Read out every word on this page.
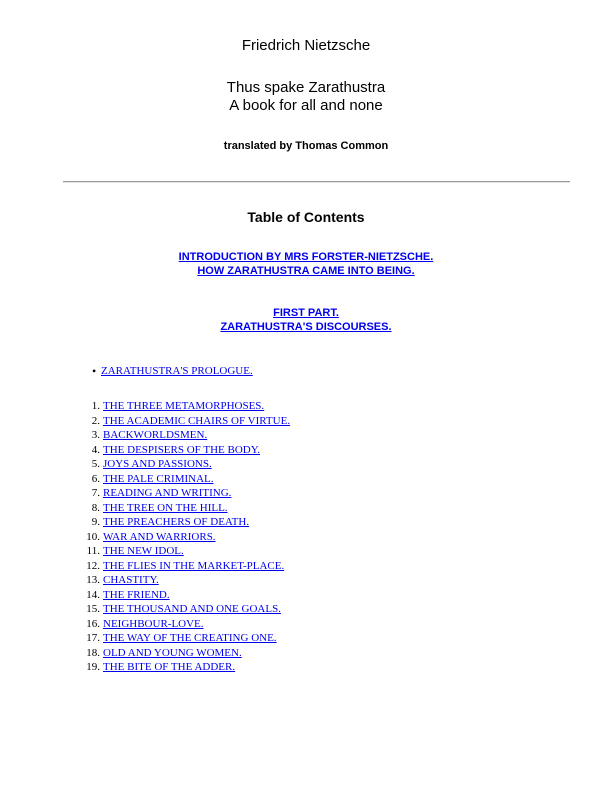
Friedrich Nietzsche
Thus spake Zarathustra
A book for all and none
translated by Thomas Common
Table of Contents
INTRODUCTION BY MRS FORSTER-NIETZSCHE.
HOW ZARATHUSTRA CAME INTO BEING.
FIRST PART.
ZARATHUSTRA'S DISCOURSES.
• ZARATHUSTRA'S PROLOGUE.
1. THE THREE METAMORPHOSES.
2. THE ACADEMIC CHAIRS OF VIRTUE.
3. BACKWORLDSMEN.
4. THE DESPISERS OF THE BODY.
5. JOYS AND PASSIONS.
6. THE PALE CRIMINAL.
7. READING AND WRITING.
8. THE TREE ON THE HILL.
9. THE PREACHERS OF DEATH.
10. WAR AND WARRIORS.
11. THE NEW IDOL.
12. THE FLIES IN THE MARKET-PLACE.
13. CHASTITY.
14. THE FRIEND.
15. THE THOUSAND AND ONE GOALS.
16. NEIGHBOUR-LOVE.
17. THE WAY OF THE CREATING ONE.
18. OLD AND YOUNG WOMEN.
19. THE BITE OF THE ADDER.
